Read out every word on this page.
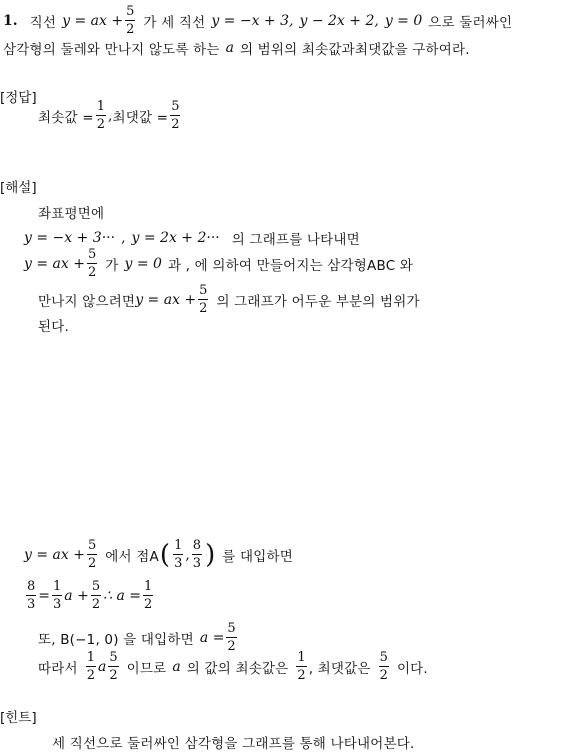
1. 직선 y = ax + $\frac{5}{2}$ 가 세 직선 y = −x + 3, y − 2x + 2, y = 0 으로 둘러싸인
삼각형의 둘레와 만나지 않도록 하는 a 의 범위의 최솟값과최댓값을 구하여라.
[정답]
최솟값 = $\frac{1}{2}$ , 최댓값 = $\frac{5}{2}$
[해설]
좌표평면에
y = −x + 3··· , y = 2x + 2··· 의 그래프를 나타내면
y = ax + $\frac{5}{2}$ 가 y = 0 과 , 에 의하여 만들어지는 삼각형ABC 와
만나지 않으려면 y = ax + $\frac{5}{2}$ 의 그래프가 어두운 부분의 범위가
된다.
y = ax + $\frac{5}{2}$ 에서 점A ( $\frac{1}{3}$ , $\frac{8}{3}$ ) 를 대입하면
$\frac{8}{3} = \frac{1}{3}$ $a + \frac{5}{2}$ ∴ $a = \frac{1}{2}$
또, B(−1, 0) 을 대입하면 $a = \frac{5}{2}$
따라서 $\frac{1}{2}$ a $\frac{5}{2}$ 이므로 a 의 값의 최솟값은 $\frac{1}{2}$ , 최댓값은 $\frac{5}{2}$ 이다.
[힌트]
세 직선으로 둘러싸인 삼각형을 그래프를 통해 나타내어본다.
